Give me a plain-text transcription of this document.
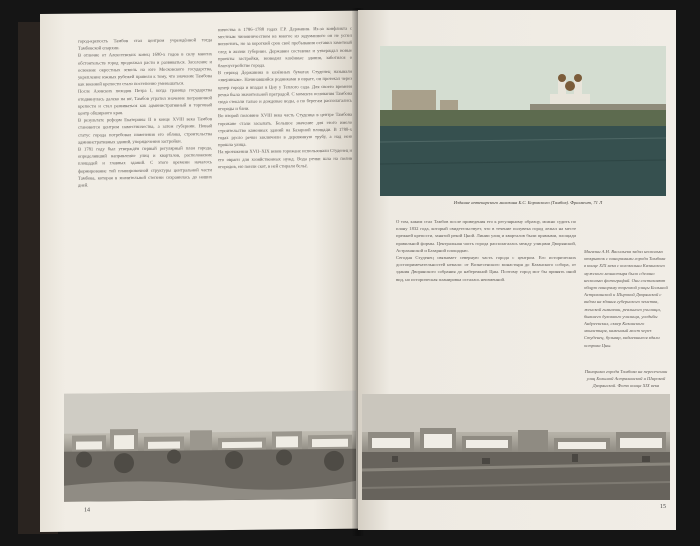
город-крепость Тамбов стал центром учреждённой тогда Тамбовской епархии.
В отличие от Алексеевских конец 1690-х годов в силу многих обстоятельств город продолжал расти и развиваться. Заселение и освоение окрестных земель на юге Московского государства, укрепление южных рубежей привели к тому, что значение Тамбова как военной крепости стало постепенно уменьшаться.
После Азовских походов Петра I, когда граница государства отодвинулась далеко на юг, Тамбов утратил значение пограничной крепости и стал развиваться как административный и торговый центр обширного края.
В результате реформ Екатерины II в конце XVIII века Тамбов становится центром наместничества, а затем губернии. Новый статус города потребовал изменения его облика, строительства административных зданий, упорядочения застройки.
В 1781 году был утверждён первый регулярный план города, определивший направление улиц и кварталов, расположение площадей и главных зданий. С этого времени началось формирование той планировочной структуры центральной части Тамбова, которая в значительной степени сохранилась до наших дней.
ничества в 1786–1788 годах Г.Р. Державин. Из-за конфликта с местным чиновничеством на многое из задуманного он не успел воплотить, но за короткий срок своё пребывания оставил заметный след в жизни губернии. Державин составлял и утверждал новые проекты застройки, возводил казённые здания, заботился о благоустройстве города.
В период Державина в казённых бумагах Студенец называли «звериным». Начинавшийся родниками в овраге, он протекал через центр города и впадал в Цну у Теплого сада. Для своего времени речка была значительной преградой. С момента основания Тамбова сюда стекали талые и дождевые воды, а по берегам располагались огороды и бани.
Во второй половине XVIII века часть Студенца в центре Тамбова горожане стали засыпать. Большое значение для этого имело строительство каменных зданий на Базарной площади. В 1780-х годах русло речки заключили в деревянную трубу, а над нею прошла улица.
На протяжении XVII–XIX веков горожане использовали Студенец и его овраги для хозяйственных нужд. Вода речки шла на полив огородов, ею поили скот, в ней стирали бельё.
14
Издание аптекарского магазина Б.С. Боровского (Тамбов). Фрагмент, 71 Л
О том, каким стал Тамбов после приведения его к регулярному образцу, можно судить по плану 1832 года, который свидетельствует, что в течение полувека город лежал на месте прежней крепости, занятой рекой Цной. Линии улиц и кварталов были прямыми, площади правильной формы. Центральная часть города располагалась между улицами Дворянской, Астраханской и Базарной площадью.
Сегодня Студенец связывает северную часть города с центром. Его исторических достопримечательностей немало: от Вознесенского монастыря до Казанского собора, от здания Дворянского собрания до набережной Цны. Поэтому город мог бы принять иной вид, но историческая планировка осталась неизменной.
Магазин А.Н. Васильева задал несколько открыток с панорамами города Тамбова в конце XIX века с колокольни Казанского мужского монастыря было сделано несколько фотографий. Они составляют общую панораму торговой улицы Большой Астраханской и Широкой Дворянской с видом на здания губернского земства, женской гимназии, реального училища, бывшего духовного училища, усадьбы Андреевских, сквер Казанского монастыря, каменный мост через Студенец, бульвар, видневшиеся вдали острова Цны.
Панорама города Тамбова на пересечении улиц Большой Астраханской и Широкой Дворянской. Фото конца XIX века
15
